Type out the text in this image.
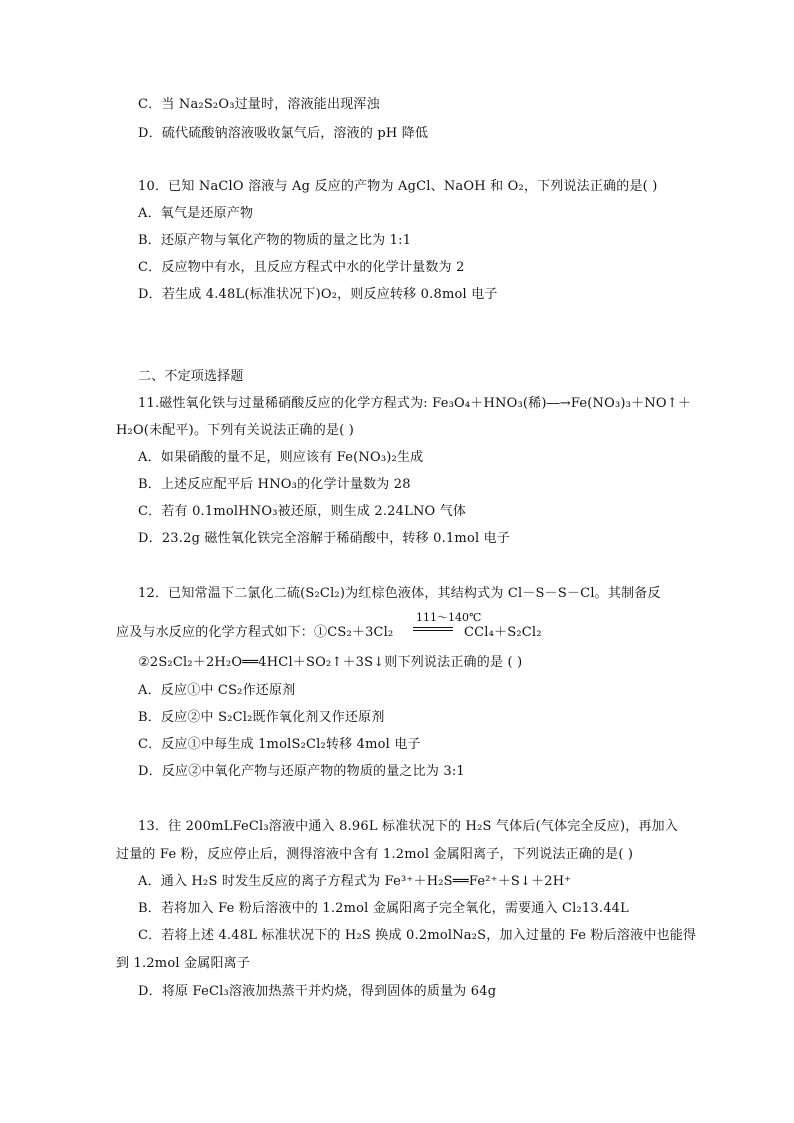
C．当 Na₂S₂O₃过量时，溶液能出现浑浊
D．硫代硫酸钠溶液吸收氯气后，溶液的 pH 降低
10．已知 NaClO 溶液与 Ag 反应的产物为 AgCl、NaOH 和 O₂，下列说法正确的是( )
A．氧气是还原产物
B．还原产物与氧化产物的物质的量之比为 1:1
C．反应物中有水，且反应方程式中水的化学计量数为 2
D．若生成 4.48L(标准状况下)O₂，则反应转移 0.8mol 电子
二、不定项选择题
11.磁性氧化铁与过量稀硝酸反应的化学方程式为: Fe₃O₄＋HNO₃(稀)―→Fe(NO₃)₃＋NO↑＋
H₂O(未配平)。下列有关说法正确的是( )
A．如果硝酸的量不足，则应该有 Fe(NO₃)₂生成
B．上述反应配平后 HNO₃的化学计量数为 28
C．若有 0.1molHNO₃被还原，则生成 2.24LNO 气体
D．23.2g 磁性氧化铁完全溶解于稀硝酸中，转移 0.1mol 电子
12．已知常温下二氯化二硫(S₂Cl₂)为红棕色液体，其结构式为 Cl－S－S－Cl。其制备反
应及与水反应的化学方程式如下：①CS₂＋3Cl₂
111～140℃
CCl₄＋S₂Cl₂
②2S₂Cl₂＋2H₂O══4HCl＋SO₂↑＋3S↓则下列说法正确的是 ( )
A．反应①中 CS₂作还原剂
B．反应②中 S₂Cl₂既作氧化剂又作还原剂
C．反应①中每生成 1molS₂Cl₂转移 4mol 电子
D．反应②中氧化产物与还原产物的物质的量之比为 3:1
13．往 200mLFeCl₃溶液中通入 8.96L 标准状况下的 H₂S 气体后(气体完全反应)，再加入
过量的 Fe 粉，反应停止后，测得溶液中含有 1.2mol 金属阳离子，下列说法正确的是( )
A．通入 H₂S 时发生反应的离子方程式为 Fe³⁺＋H₂S══Fe²⁺＋S↓＋2H⁺
B．若将加入 Fe 粉后溶液中的 1.2mol 金属阳离子完全氧化，需要通入 Cl₂13.44L
C．若将上述 4.48L 标准状况下的 H₂S 换成 0.2molNa₂S，加入过量的 Fe 粉后溶液中也能得
到 1.2mol 金属阳离子
D．将原 FeCl₃溶液加热蒸干并灼烧，得到固体的质量为 64g
